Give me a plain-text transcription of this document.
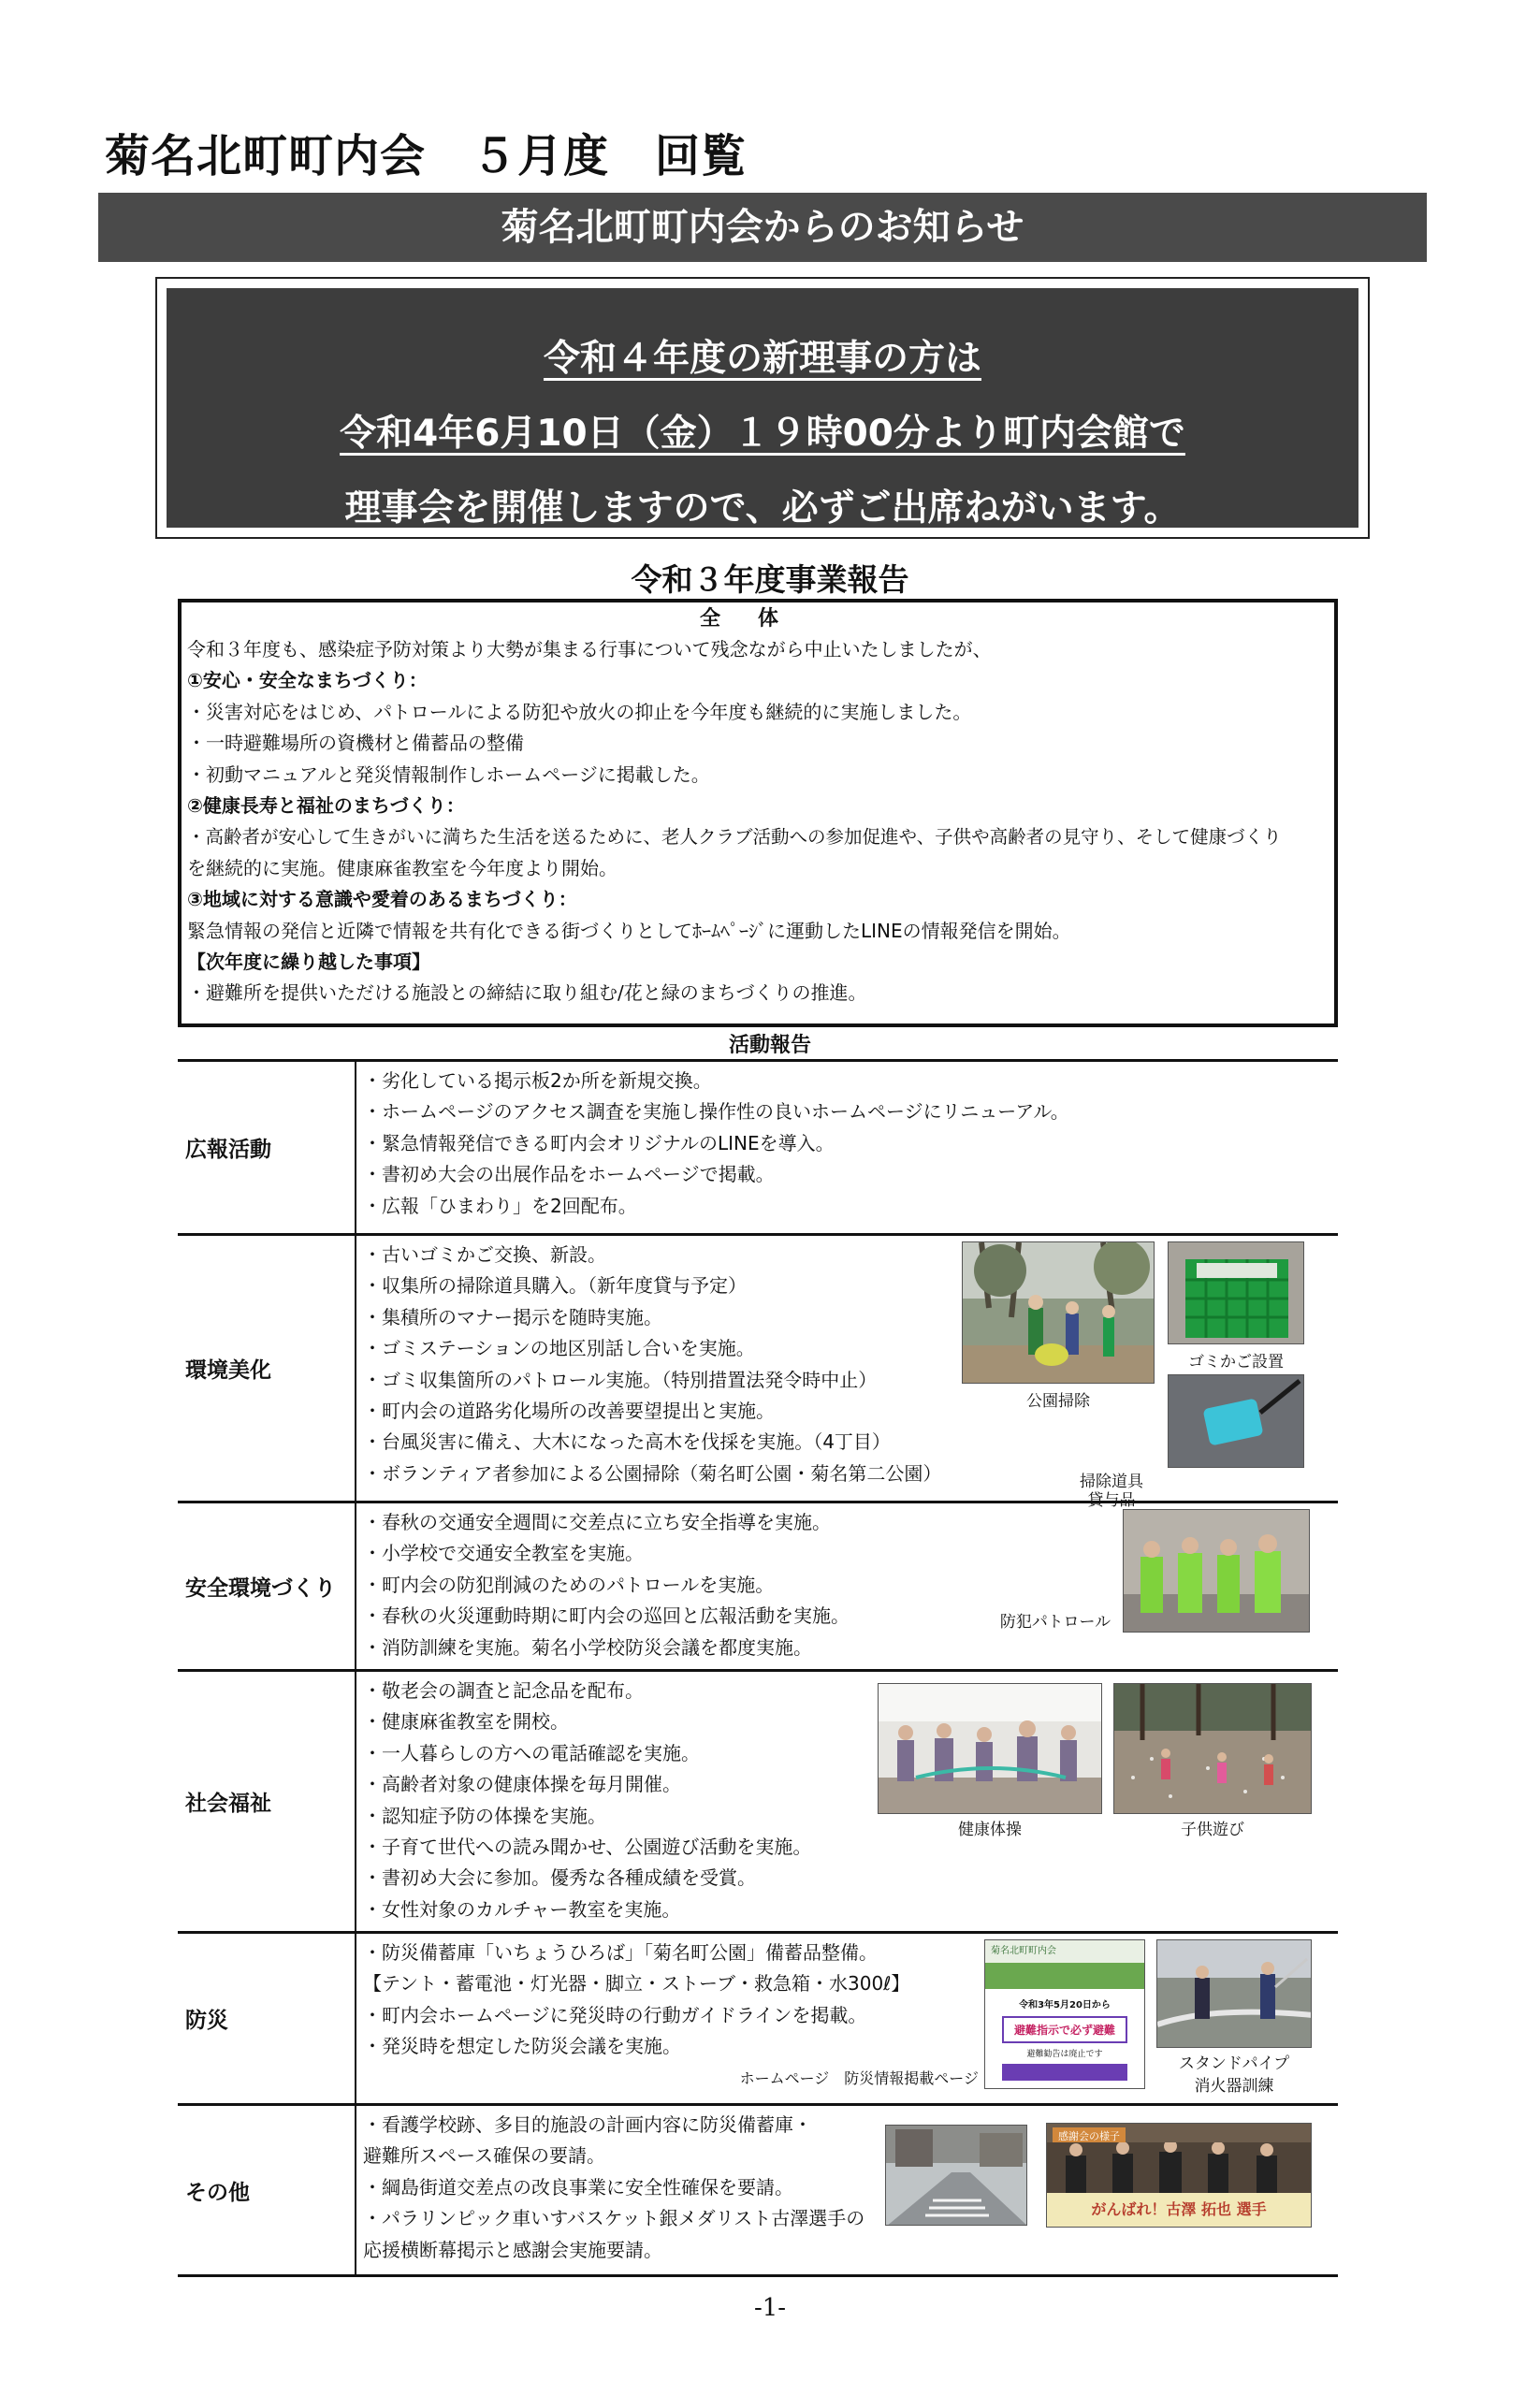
菊名北町町内会　５月度　回覧
菊名北町町内会からのお知らせ
令和４年度の新理事の方は
令和4年6月10日（金）１９時00分より町内会館で
理事会を開催しますので、必ずご出席ねがいます。
令和３年度事業報告
全体
令和３年度も、感染症予防対策より大勢が集まる行事について残念ながら中止いたしましたが、
①安心・安全なまちづくり：
・災害対応をはじめ、パトロールによる防犯や放火の抑止を今年度も継続的に実施しました。
・一時避難場所の資機材と備蓄品の整備
・初動マニュアルと発災情報制作しホームページに掲載した。
②健康長寿と福祉のまちづくり：
・高齢者が安心して生きがいに満ちた生活を送るために、老人クラブ活動への参加促進や、子供や高齢者の見守り、そして健康づくり
を継続的に実施。健康麻雀教室を今年度より開始。
③地域に対する意識や愛着のあるまちづくり：
緊急情報の発信と近隣で情報を共有化できる街づくりとしてﾎｰﾑﾍﾟｰｼﾞに運動したLINEの情報発信を開始。
【次年度に繰り越した事項】
・避難所を提供いただける施設との締結に取り組む/花と緑のまちづくりの推進。
活動報告
広報活動
・劣化している掲示板2か所を新規交換。
・ホームページのアクセス調査を実施し操作性の良いホームページにリニューアル。
・緊急情報発信できる町内会オリジナルのLINEを導入。
・書初め大会の出展作品をホームページで掲載。
・広報「ひまわり」を2回配布。
環境美化
・古いゴミかご交換、新設。
・収集所の掃除道具購入。（新年度貸与予定）
・集積所のマナー掲示を随時実施。
・ゴミステーションの地区別話し合いを実施。
・ゴミ収集箇所のパトロール実施。（特別措置法発令時中止）
・町内会の道路劣化場所の改善要望提出と実施。
・台風災害に備え、大木になった高木を伐採を実施。（4丁目）
・ボランティア者参加による公園掃除（菊名町公園・菊名第二公園）
公園掃除
ゴミかご設置
掃除道具
貸与品
安全環境づくり
・春秋の交通安全週間に交差点に立ち安全指導を実施。
・小学校で交通安全教室を実施。
・町内会の防犯削減のためのパトロールを実施。
・春秋の火災運動時期に町内会の巡回と広報活動を実施。
・消防訓練を実施。菊名小学校防災会議を都度実施。
防犯パトロール
社会福祉
・敬老会の調査と記念品を配布。
・健康麻雀教室を開校。
・一人暮らしの方への電話確認を実施。
・高齢者対象の健康体操を毎月開催。
・認知症予防の体操を実施。
・子育て世代への読み聞かせ、公園遊び活動を実施。
・書初め大会に参加。優秀な各種成績を受賞。
・女性対象のカルチャー教室を実施。
健康体操	子供遊び
防災
・防災備蓄庫「いちょうひろば」「菊名町公園」備蓄品整備。
【テント・蓄電池・灯光器・脚立・ストーブ・救急箱・水300ℓ】
・町内会ホームページに発災時の行動ガイドラインを掲載。
・発災時を想定した防災会議を実施。
菊名北町町内会
令和3年5月20日から
避難指示で必ず避難
避難勧告は廃止です
ホームページ　防災情報掲載ページ
スタンドパイプ
消火器訓練
その他
・看護学校跡、多目的施設の計画内容に防災備蓄庫・
避難所スペース確保の要請。
・綱島街道交差点の改良事業に安全性確保を要請。
・パラリンピック車いすバスケット銀メダリスト古澤選手の
応援横断幕掲示と感謝会実施要請。
感謝会の様子
がんばれ！古澤 拓也 選手
-1-
